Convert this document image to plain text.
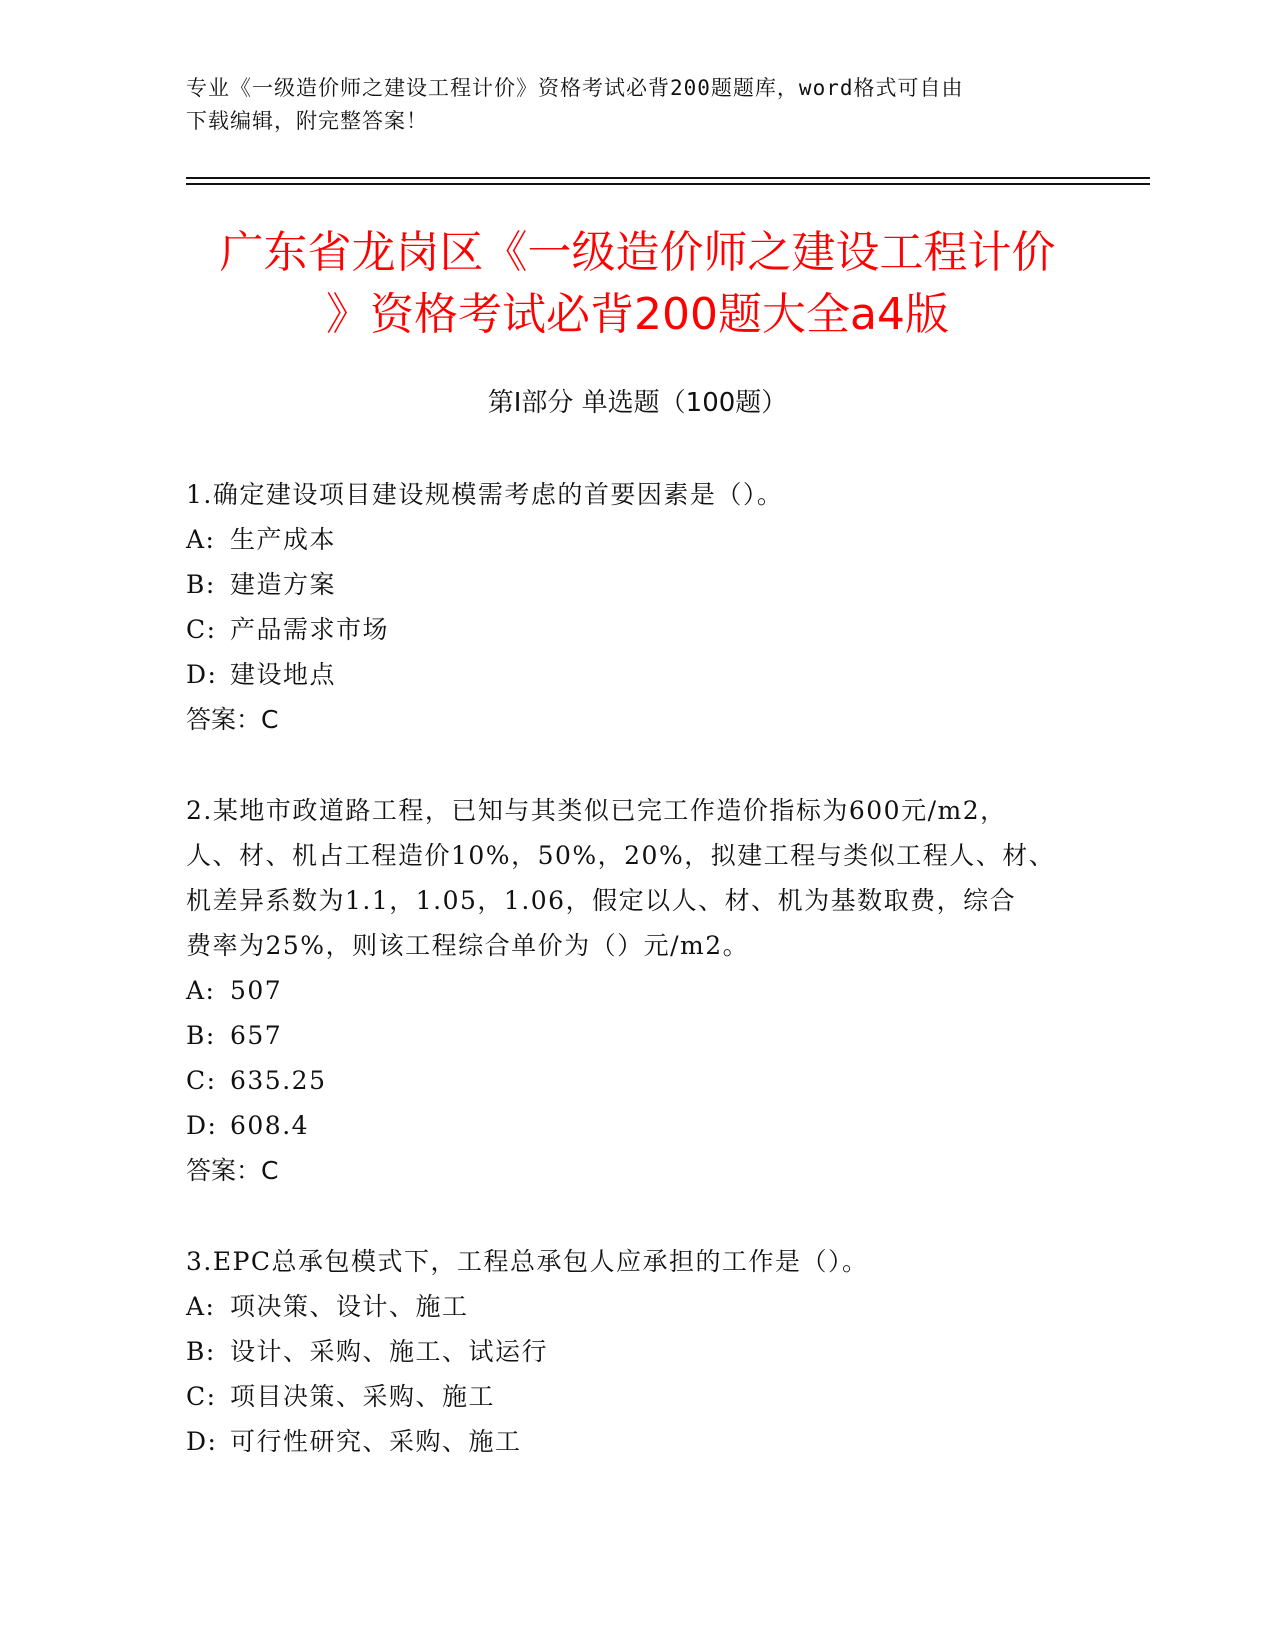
专业《一级造价师之建设工程计价》资格考试必背200题题库，word格式可自由
下载编辑，附完整答案！
广东省龙岗区《一级造价师之建设工程计价
》资格考试必背200题大全a4版
第Ⅰ部分 单选题（100题）

1.确定建设项目建设规模需考虑的首要因素是（）。

A: 生产成本

B: 建造方案

C: 产品需求市场

D: 建设地点

答案：C

2.某地市政道路工程，已知与其类似已完工作造价指标为600元/m2，

人、材、机占工程造价10%，50%，20%，拟建工程与类似工程人、材、

机差异系数为1.1，1.05，1.06，假定以人、材、机为基数取费，综合

费率为25%，则该工程综合单价为（）元/m2。

A: 507

B: 657

C: 635.25

D: 608.4

答案：C

3.EPC总承包模式下，工程总承包人应承担的工作是（）。

A: 项决策、设计、施工

B: 设计、采购、施工、试运行

C: 项目决策、采购、施工

D: 可行性研究、采购、施工
